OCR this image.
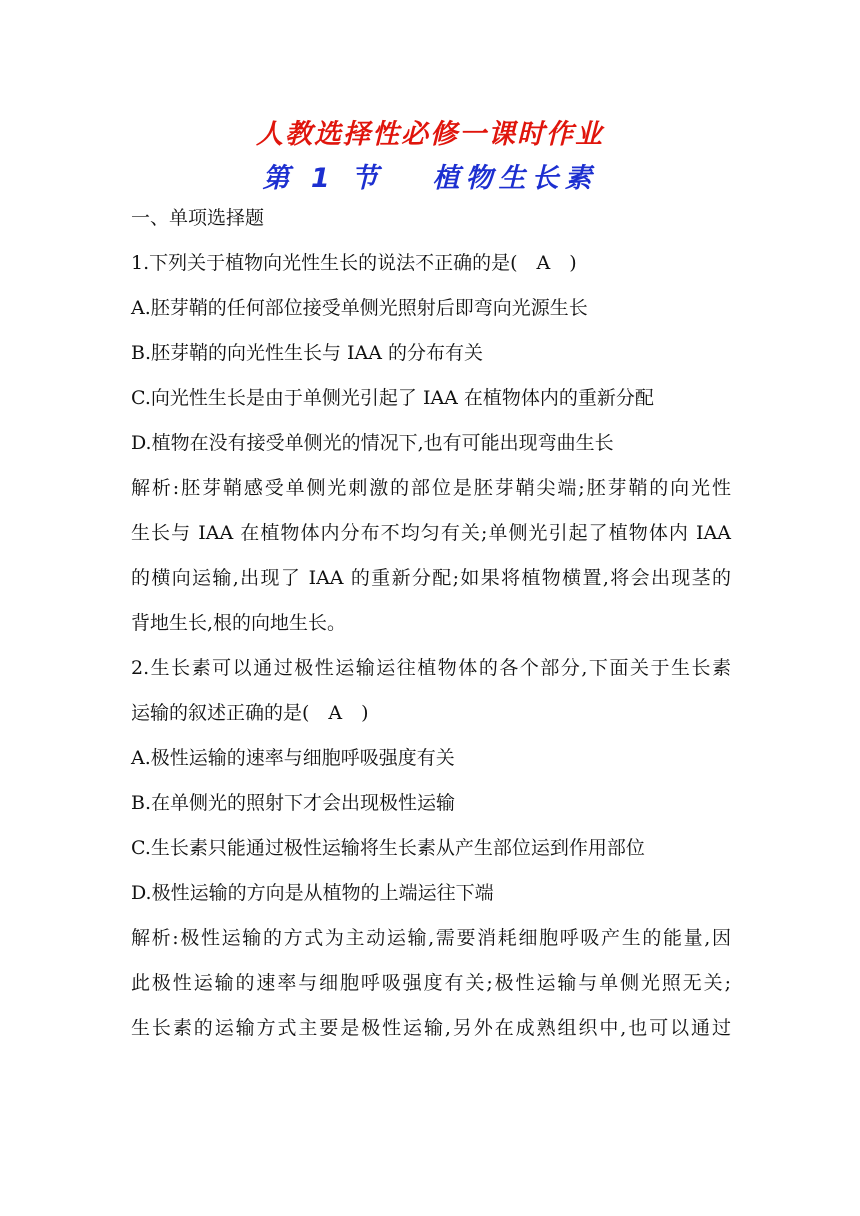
人教选择性必修一课时作业
第 1 节　 植物生长素
一、单项选择题
1.下列关于植物向光性生长的说法不正确的是(　A　)
A.胚芽鞘的任何部位接受单侧光照射后即弯向光源生长
B.胚芽鞘的向光性生长与 IAA 的分布有关
C.向光性生长是由于单侧光引起了 IAA 在植物体内的重新分配
D.植物在没有接受单侧光的情况下,也有可能出现弯曲生长
解析:胚芽鞘感受单侧光刺激的部位是胚芽鞘尖端;胚芽鞘的向光性
生长与 IAA 在植物体内分布不均匀有关;单侧光引起了植物体内 IAA
的横向运输,出现了 IAA 的重新分配;如果将植物横置,将会出现茎的
背地生长,根的向地生长。
2.生长素可以通过极性运输运往植物体的各个部分,下面关于生长素
运输的叙述正确的是(　A　)
A.极性运输的速率与细胞呼吸强度有关
B.在单侧光的照射下才会出现极性运输
C.生长素只能通过极性运输将生长素从产生部位运到作用部位
D.极性运输的方向是从植物的上端运往下端
解析:极性运输的方式为主动运输,需要消耗细胞呼吸产生的能量,因
此极性运输的速率与细胞呼吸强度有关;极性运输与单侧光照无关;
生长素的运输方式主要是极性运输,另外在成熟组织中,也可以通过
